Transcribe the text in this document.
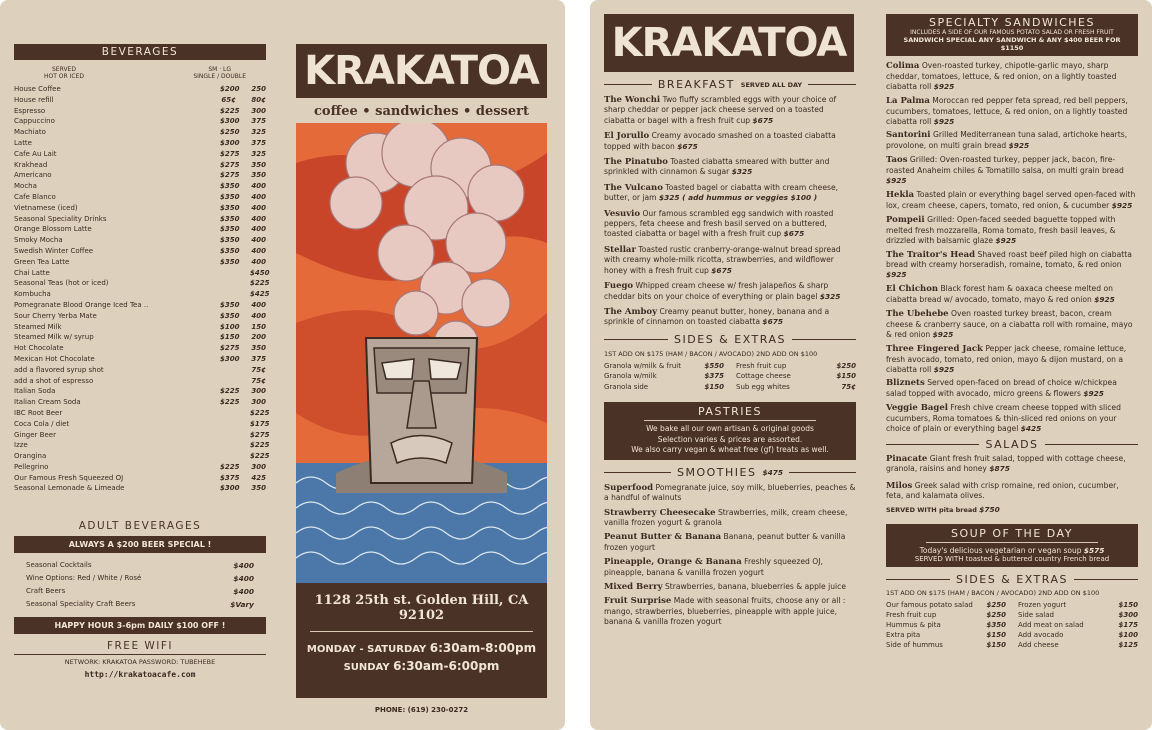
BEVERAGES
SERVED
HOT OR ICED
SM · LG
SINGLE / DOUBLE
House Coffee	$200 250
House refill	65¢ 80¢
Espresso	$225 300
Cappuccino	$300 375
Machiato	$250 325
Latte	$300 375
Cafe Au Lait	$275 325
Krakhead	$275 350
Americano	$275 350
Mocha	$350 400
Cafe Blanco	$350 400
Vietnamese (iced)	$350 400
Seasonal Speciality Drinks	$350 400
Orange Blossom Latte	$350 400
Smoky Mocha	$350 400
Swedish Winter Coffee	$350 400
Green Tea Latte	$350 400
Chai Latte	$450
Seasonal Teas (hot or iced)	$225
Kombucha	$425
Pomegranate Blood Orange Iced Tea ..	$350 400
Sour Cherry Yerba Mate	$350 400
Steamed Milk	$100 150
Steamed Milk w/ syrup	$150 200
Hot Chocolate	$275 350
Mexican Hot Chocolate	$300 375
add a flavored syrup shot	75¢
add a shot of espresso	75¢
Italian Soda	$225 300
Italian Cream Soda	$225 300
IBC Root Beer	$225
Coca Cola / diet	$175
Ginger Beer	$275
Izze	$225
Orangina	$225
Pellegrino	$225 300
Our Famous Fresh Squeezed OJ	$375 425
Seasonal Lemonade & Limeade	$300 350
ADULT BEVERAGES
ALWAYS A $200 BEER SPECIAL !
Seasonal Cocktails	$400
Wine Options: Red / White / Rosé	$400
Craft Beers	$400
Seasonal Speciality Craft Beers	$Vary
HAPPY HOUR 3-6pm DAILY $100 OFF !
FREE WIFI
NETWORK: KRAKATOA PASSWORD: TUBEHEBE
http://krakatoacafe.com
KRAKATOA
coffee • sandwiches • dessert
1128 25th st. Golden Hill, CA 92102
MONDAY - SATURDAY 6:30am-8:00pm
SUNDAY 6:30am-6:00pm
PHONE: (619) 230-0272
KRAKATOA
BREAKFAST SERVED ALL DAY
The Wonchi Two fluffy scrambled eggs with your choice of sharp cheddar or pepper jack cheese served on a toasted ciabatta or bagel with a fresh fruit cup $675
El Jorullo Creamy avocado smashed on a toasted ciabatta topped with bacon $675
The Pinatubo Toasted ciabatta smeared with butter and sprinkled with cinnamon & sugar $325
The Vulcano Toasted bagel or ciabatta with cream cheese, butter, or jam $325 ( add hummus or veggies $100 )
Vesuvio Our famous scrambled egg sandwich with roasted peppers, feta cheese and fresh basil served on a buttered, toasted ciabatta or bagel with a fresh fruit cup $675
Stellar Toasted rustic cranberry-orange-walnut bread spread with creamy whole-milk ricotta, strawberries, and wildflower honey with a fresh fruit cup $675
Fuego Whipped cream cheese w/ fresh jalapeños & sharp cheddar bits on your choice of everything or plain bagel $325
The Amboy Creamy peanut butter, honey, banana and a sprinkle of cinnamon on toasted ciabatta $675
SIDES & EXTRAS
1ST ADD ON $175 (HAM / BACON / AVOCADO) 2ND ADD ON $100
Granola w/milk & fruit	$550 Fresh fruit cup	$250
Granola w/milk	$375 Cottage cheese	$150
Granola side	$150 Sub egg whites	75¢
PASTRIES
We bake all our own artisan & original goods
Selection varies & prices are assorted.
We also carry vegan & wheat free (gf) treats as well.
SMOOTHIES $475
Superfood Pomegranate juice, soy milk, blueberries, peaches & a handful of walnuts
Strawberry Cheesecake Strawberries, milk, cream cheese, vanilla frozen yogurt & granola
Peanut Butter & Banana Banana, peanut butter & vanilla frozen yogurt
Pineapple, Orange & Banana Freshly squeezed OJ, pineapple, banana & vanilla frozen yogurt
Mixed Berry Strawberries, banana, blueberries & apple juice
Fruit Surprise Made with seasonal fruits, choose any or all : mango, strawberries, blueberries, pineapple with apple juice, banana & vanilla frozen yogurt
SPECIALTY SANDWICHES
INCLUDES A SIDE OF OUR FAMOUS POTATO SALAD OR FRESH FRUIT
SANDWICH SPECIAL ANY SANDWICH & ANY $400 BEER FOR $1150
Colima Oven-roasted turkey, chipotle-garlic mayo, sharp cheddar, tomatoes, lettuce, & red onion, on a lightly toasted ciabatta roll $925
La Palma Moroccan red pepper feta spread, red bell peppers, cucumbers, tomatoes, lettuce, & red onion, on a lightly toasted ciabatta roll $925
Santorini Grilled Mediterranean tuna salad, artichoke hearts, provolone, on multi grain bread $925
Taos Grilled: Oven-roasted turkey, pepper jack, bacon, fire-roasted Anaheim chiles & Tomatillo salsa, on multi grain bread $925
Hekla Toasted plain or everything bagel served open-faced with lox, cream cheese, capers, tomato, red onion, & cucumber $925
Pompeii Grilled: Open-faced seeded baguette topped with melted fresh mozzarella, Roma tomato, fresh basil leaves, & drizzled with balsamic glaze $925
The Traitor's Head Shaved roast beef piled high on ciabatta bread with creamy horseradish, romaine, tomato, & red onion $925
El Chichon Black forest ham & oaxaca cheese melted on ciabatta bread w/ avocado, tomato, mayo & red onion $925
The Ubehebe Oven roasted turkey breast, bacon, cream cheese & cranberry sauce, on a ciabatta roll with romaine, mayo & red onion $925
Three Fingered Jack Pepper jack cheese, romaine lettuce, fresh avocado, tomato, red onion, mayo & dijon mustard, on a ciabatta roll $925
Bliznets Served open-faced on bread of choice w/chickpea salad topped with avocado, micro greens & flowers $925
Veggie Bagel Fresh chive cream cheese topped with sliced cucumbers, Roma tomatoes & thin-sliced red onions on your choice of plain or everything bagel $425
SALADS
Pinacate Giant fresh fruit salad, topped with cottage cheese, granola, raisins and honey $875
Milos Greek salad with crisp romaine, red onion, cucumber, feta, and kalamata olives.
SERVED WITH pita bread $750
SOUP OF THE DAY
Today's delicious vegetarian or vegan soup $575
SERVED WITH toasted & buttered country French bread
SIDES & EXTRAS
1ST ADD ON $175 (HAM / BACON / AVOCADO) 2ND ADD ON $100
Our famous potato salad $250 Frozen yogurt	$150
Fresh fruit cup	$250 Side salad	$300
Hummus & pita	$350 Add meat on salad	$175
Extra pita	$150 Add avocado	$100
Side of hummus	$150 Add cheese	$125
